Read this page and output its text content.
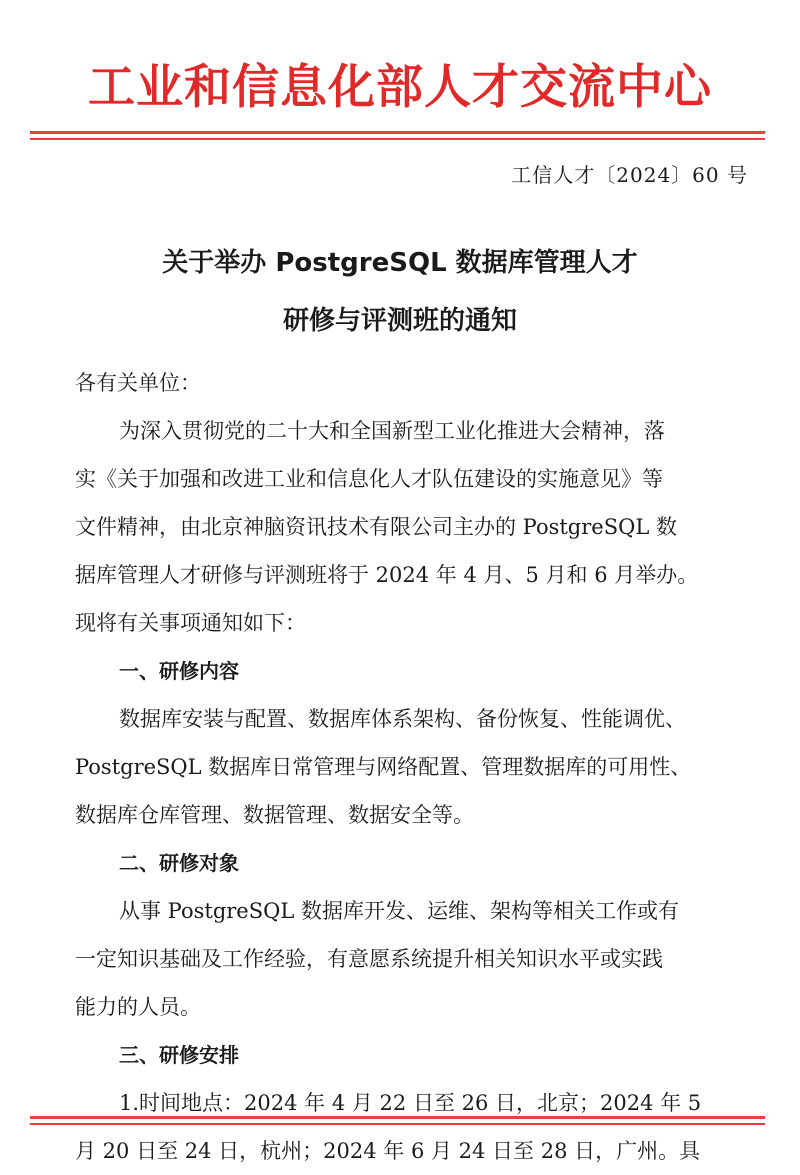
工业和信息化部人才交流中心
工信人才〔2024〕60 号
关于举办 PostgreSQL 数据库管理人才
研修与评测班的通知
各有关单位：
为深入贯彻党的二十大和全国新型工业化推进大会精神，落
实《关于加强和改进工业和信息化人才队伍建设的实施意见》等
文件精神，由北京神脑资讯技术有限公司主办的 PostgreSQL 数
据库管理人才研修与评测班将于 2024 年 4 月、5 月和 6 月举办。
现将有关事项通知如下：
一、研修内容
数据库安装与配置、数据库体系架构、备份恢复、性能调优、
PostgreSQL 数据库日常管理与网络配置、管理数据库的可用性、
数据库仓库管理、数据管理、数据安全等。
二、研修对象
从事 PostgreSQL 数据库开发、运维、架构等相关工作或有
一定知识基础及工作经验，有意愿系统提升相关知识水平或实践
能力的人员。
三、研修安排
1.时间地点：2024 年 4 月 22 日至 26 日，北京；2024 年 5
月 20 日至 24 日，杭州；2024 年 6 月 24 日至 28 日，广州。具
